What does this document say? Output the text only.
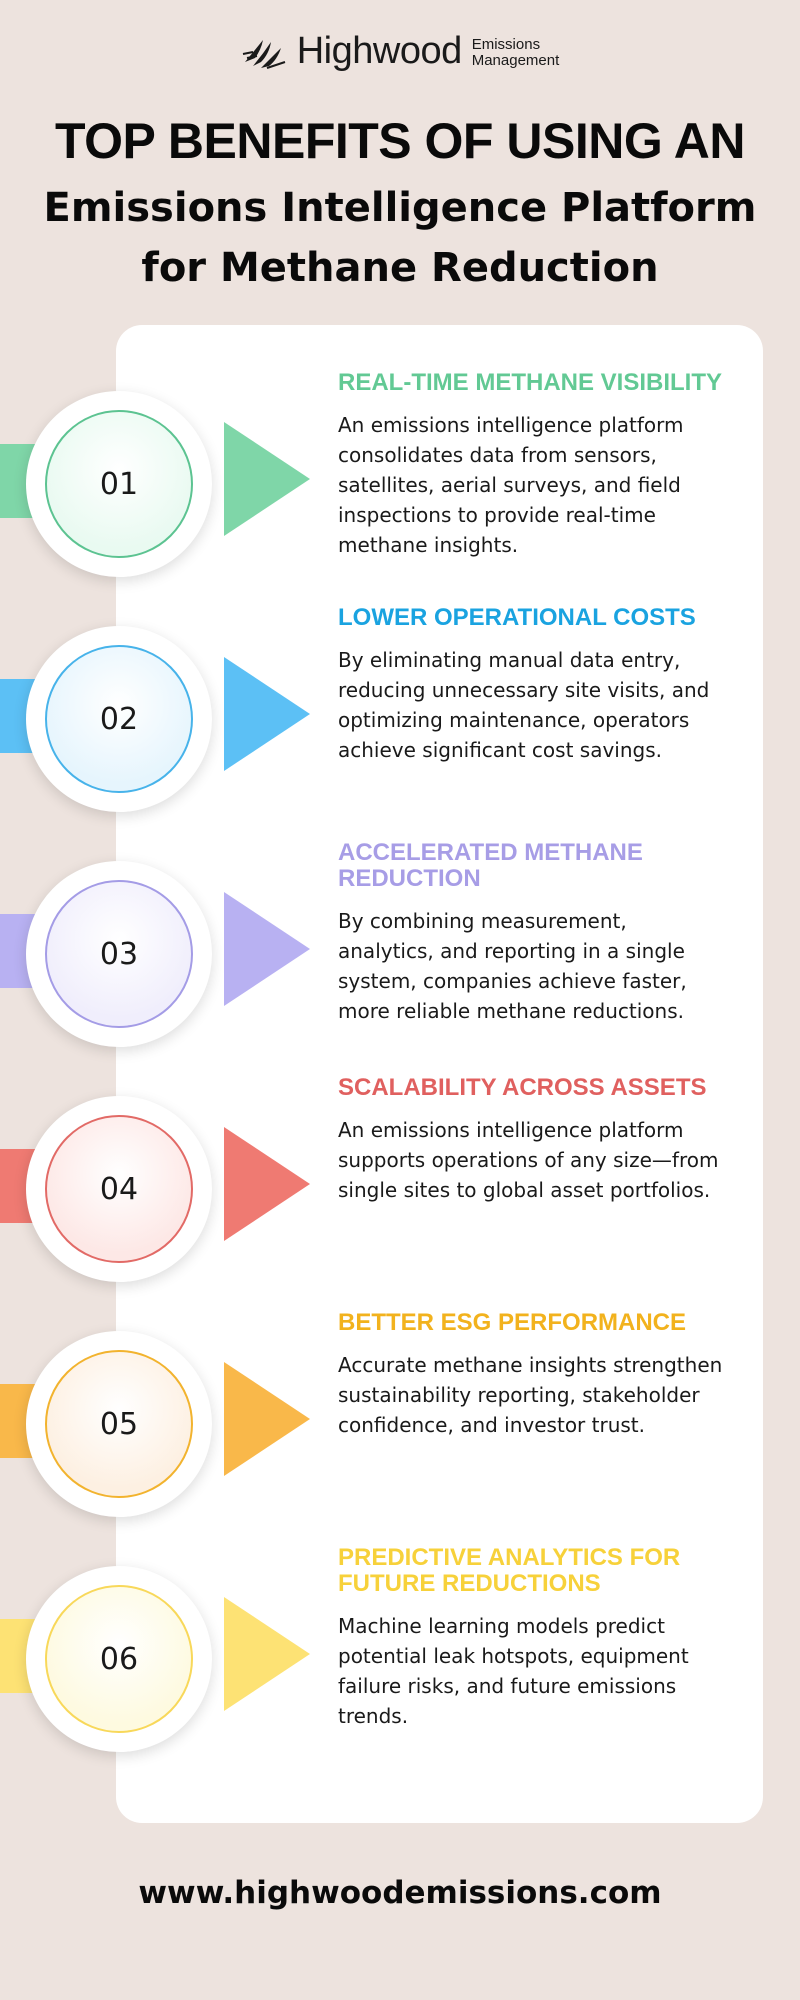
Highwood Emissions
Management
TOP BENEFITS OF USING AN
Emissions Intelligence Platform
for Methane Reduction
01

REAL-TIME METHANE VISIBILITY

An emissions intelligence platform consolidates data from sensors, satellites, aerial surveys, and field inspections to provide real-time methane insights.

02

LOWER OPERATIONAL COSTS

By eliminating manual data entry, reducing unnecessary site visits, and optimizing maintenance, operators achieve significant cost savings.

03

ACCELERATED METHANE REDUCTION

By combining measurement, analytics, and reporting in a single system, companies achieve faster, more reliable methane reductions.

04

SCALABILITY ACROSS ASSETS

An emissions intelligence platform supports operations of any size—from single sites to global asset portfolios.

05

BETTER ESG PERFORMANCE

Accurate methane insights strengthen sustainability reporting, stakeholder confidence, and investor trust.

06

PREDICTIVE ANALYTICS FOR FUTURE REDUCTIONS

Machine learning models predict potential leak hotspots, equipment failure risks, and future emissions trends.

www.highwoodemissions.com
